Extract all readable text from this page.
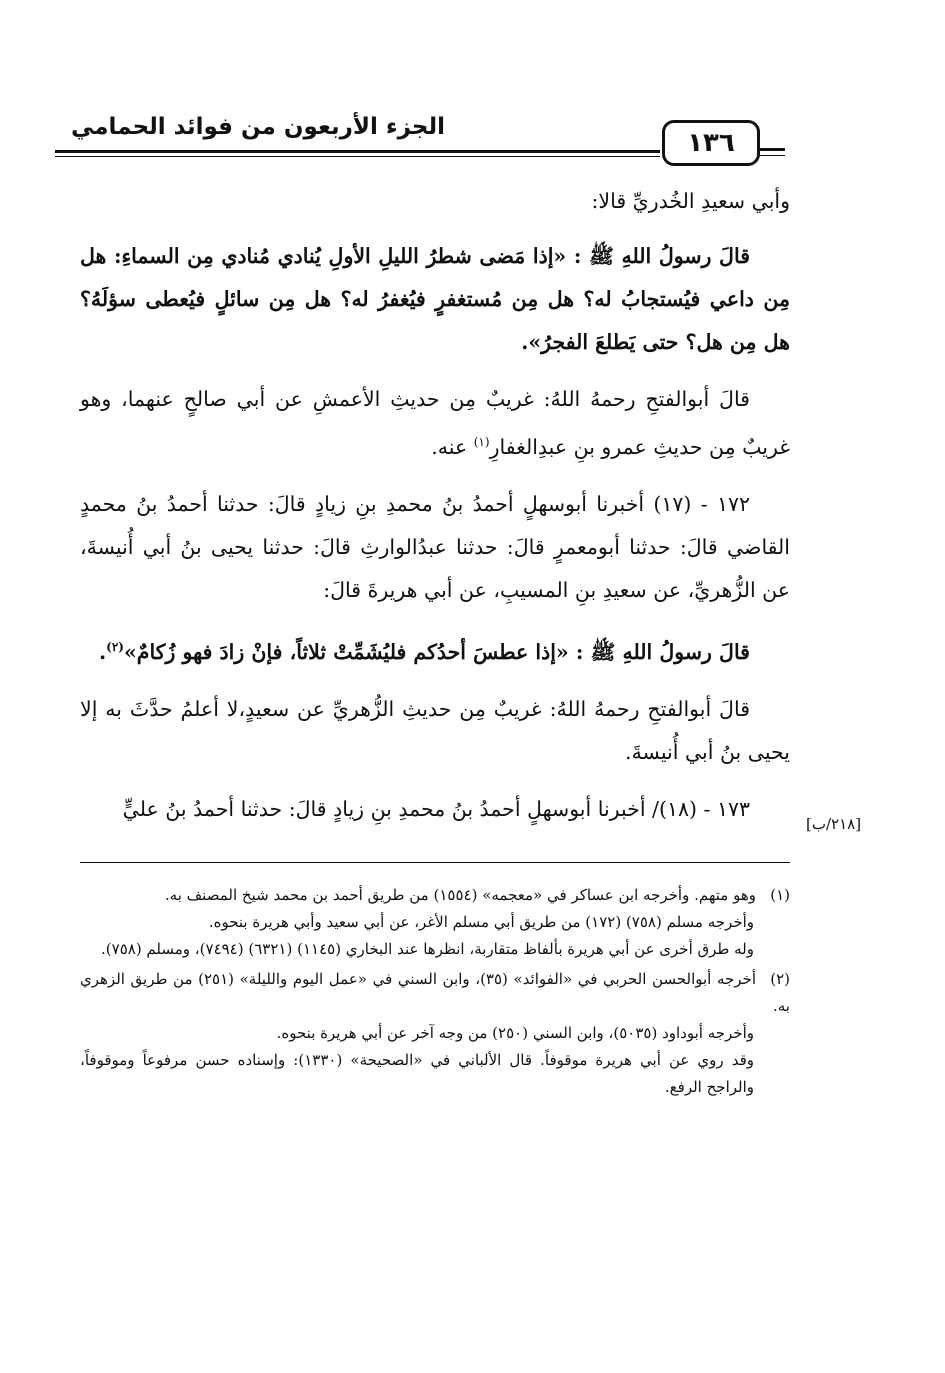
الجزء الأربعون من فوائد الحمامي
١٣٦

وأبي سعيدِ الخُدريِّ قالا:

قالَ رسولُ اللهِ ﷺ : «إذا مَضى شطرُ الليلِ الأولِ يُنادي مُنادي مِن السماءِ: هل مِن داعي فيُستجابُ له؟ هل مِن مُستغفرٍ فيُغفرُ له؟ هل مِن سائلٍ فيُعطى سؤلَهُ؟ هل مِن هل؟ حتى يَطلعَ الفجرُ».

قالَ أبوالفتحِ رحمهُ اللهُ: غريبٌ مِن حديثِ الأعمشِ عن أبي صالحٍ عنهما، وهو غريبٌ مِن حديثِ عمرو بنِ عبدِالغفارِ$^{(١)}$ عنه.

١٧٢ - (١٧) أخبرنا أبوسهلٍ أحمدُ بنُ محمدِ بنِ زيادٍ قالَ: حدثنا أحمدُ بنُ محمدٍ القاضي قالَ: حدثنا أبومعمرٍ قالَ: حدثنا عبدُالوارثِ قالَ: حدثنا يحيى بنُ أبي أُنيسةَ، عن الزُّهريِّ، عن سعيدِ بنِ المسيبِ، عن أبي هريرةَ قالَ:

قالَ رسولُ اللهِ ﷺ : «إذا عطسَ أحدُكم فليُشَمِّتْ ثلاثاً، فإنْ زادَ فهو زُكامٌ»$^{(٢)}$.

قالَ أبوالفتحِ رحمهُ اللهُ: غريبٌ مِن حديثِ الزُّهريِّ عن سعيدٍ،لا أعلمُ حدَّثَ به إلا يحيى بنُ أبي أُنيسةَ.

١٧٣ - (١٨)/ أخبرنا أبوسهلٍ أحمدُ بنُ محمدِ بنِ زيادٍ قالَ: حدثنا أحمدُ بنُ عليٍّ

[٢١٨/ب]

(١)وهو متهم. وأخرجه ابن عساكر في «معجمه» (١٥٥٤) من طريق أحمد بن محمد شيخ المصنف به.

وأخرجه مسلم (٧٥٨) (١٧٢) من طريق أبي مسلم الأغر، عن أبي سعيد وأبي هريرة بنحوه.

وله طرق أخرى عن أبي هريرة بألفاظ متقاربة، انظرها عند البخاري (١١٤٥) (٦٣٢١) (٧٤٩٤)، ومسلم (٧٥٨).

(٢)أخرجه أبوالحسن الحربي في «الفوائد» (٣٥)، وابن السني في «عمل اليوم والليلة» (٢٥١) من طريق الزهري به.

وأخرجه أبوداود (٥٠٣٥)، وابن السني (٢٥٠) من وجه آخر عن أبي هريرة بنحوه.

وقد روي عن أبي هريرة موقوفاً. قال الألباني في «الصحيحة» (١٣٣٠): وإسناده حسن مرفوعاً وموقوفاً، والراجح الرفع.
